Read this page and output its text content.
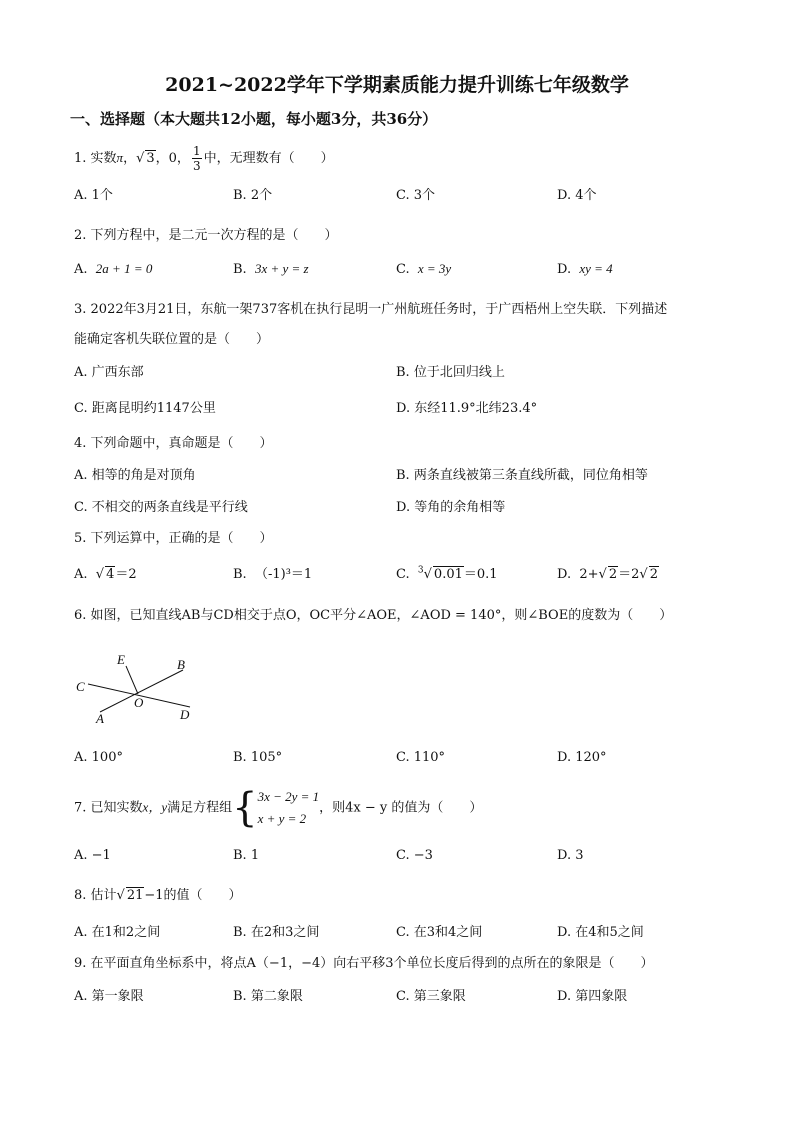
2021~2022学年下学期素质能力提升训练七年级数学
一、选择题（本大题共12小题，每小题3分，共36分）
1. 实数π，√ 3，0， $\frac{1}{3}$ 中，无理数有（　　）
A. 1个	B. 2个	C. 3个	D. 4个
2. 下列方程中，是二元一次方程的是（　　）
A. 2a + 1 = 0	B. 3x + y = z	C. x = 3y	D. xy = 4
3. 2022年3月21日，东航一架737客机在执行昆明一广州航班任务时，于广西梧州上空失联．下列描述
能确定客机失联位置的是（　　）
A. 广西东部	B. 位于北回归线上
C. 距离昆明约1147公里	D. 东经11.9°北纬23.4°
4. 下列命题中，真命题是（　　）
A. 相等的角是对顶角	B. 两条直线被第三条直线所截，同位角相等
C. 不相交的两条直线是平行线	D. 等角的余角相等
5. 下列运算中，正确的是（　　）
A.  √ 4＝2	B. （-1)³＝1	C. $^3$√ 0.01＝0.1	D. 2+√ 2＝2√ 2
6. 如图，已知直线AB与CD相交于点O，OC平分∠AOE，∠AOD = 140°，则∠BOE的度数为（　　）
E	B
C
O
A	D
A. 100°	B. 105°	C. 110°	D. 120°
7. 已知实数x，y满足方程组{ 3x − 2y = 1
x + y = 2
，则4x − y 的值为（　　）
A. −1	B. 1	C. −3	D. 3
8. 估计√ 21−1的值（　　）
A. 在1和2之间	B. 在2和3之间	C. 在3和4之间	D. 在4和5之间
9. 在平面直角坐标系中，将点A（−1，−4）向右平移3个单位长度后得到的点所在的象限是（　　）
A. 第一象限	B. 第二象限	C. 第三象限	D. 第四象限
